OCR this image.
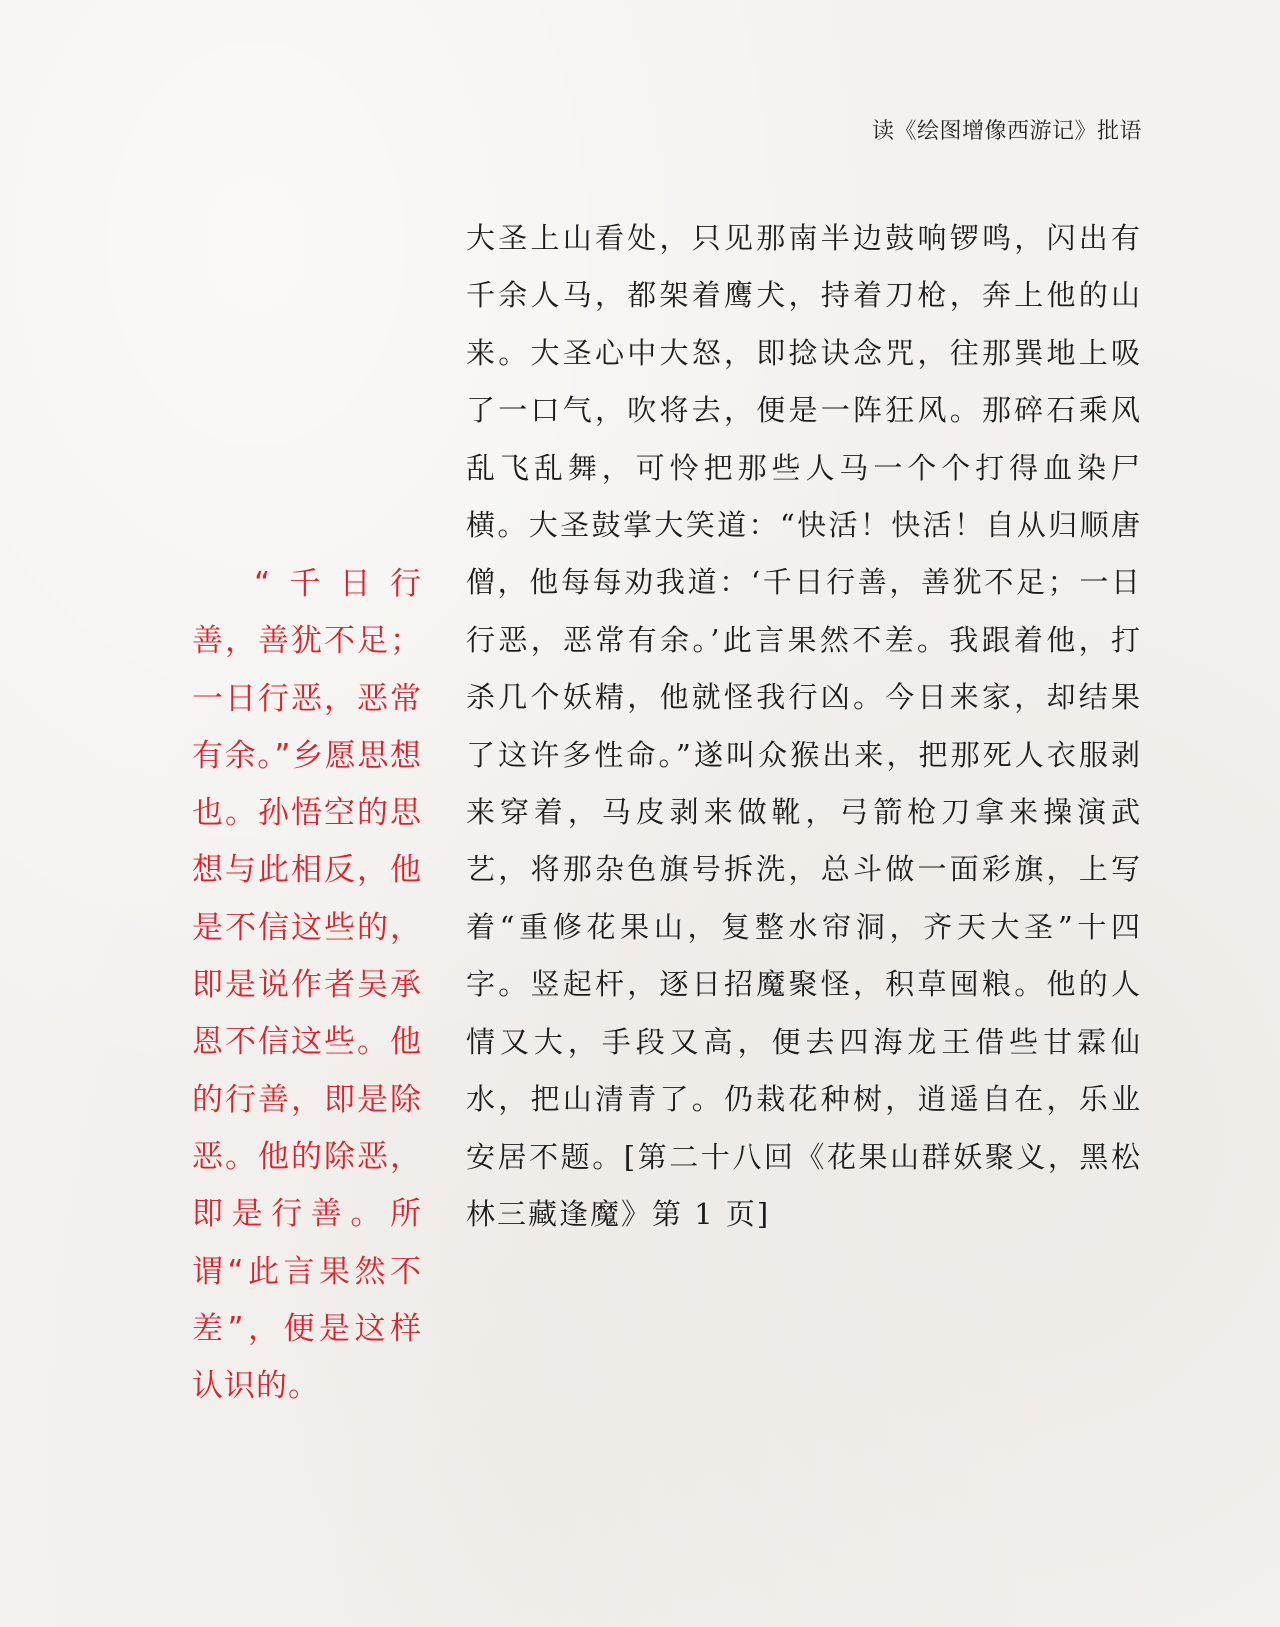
读《绘图增像西游记》批语
“千日行善，善犹不足；一日行恶，恶常有余。”乡愿思想也。孙悟空的思想与此相反，他是不信这些的，即是说作者吴承恩不信这些。他的行善，即是除恶。他的除恶，即是行善。所谓“此言果然不差”，便是这样认识的。
大圣上山看处，只见那南半边鼓响锣鸣，闪出有千余人马，都架着鹰犬，持着刀枪，奔上他的山来。大圣心中大怒，即捻诀念咒，往那巽地上吸了一口气，吹将去，便是一阵狂风。那碎石乘风乱飞乱舞，可怜把那些人马一个个打得血染尸横。大圣鼓掌大笑道：“快活！快活！自从归顺唐僧，他每每劝我道：‘千日行善，善犹不足；一日行恶，恶常有余。’此言果然不差。我跟着他，打杀几个妖精，他就怪我行凶。今日来家，却结果了这许多性命。”遂叫众猴出来，把那死人衣服剥来穿着，马皮剥来做靴，弓箭枪刀拿来操演武艺，将那杂色旗号拆洗，总斗做一面彩旗，上写着“重修花果山，复整水帘洞，齐天大圣”十四字。竖起杆，逐日招魔聚怪，积草囤粮。他的人情又大，手段又高，便去四海龙王借些甘霖仙水，把山清青了。仍栽花种树，逍遥自在，乐业安居不题。[第二十八回《花果山群妖聚义，黑松林三藏逢魔》第 1 页]
